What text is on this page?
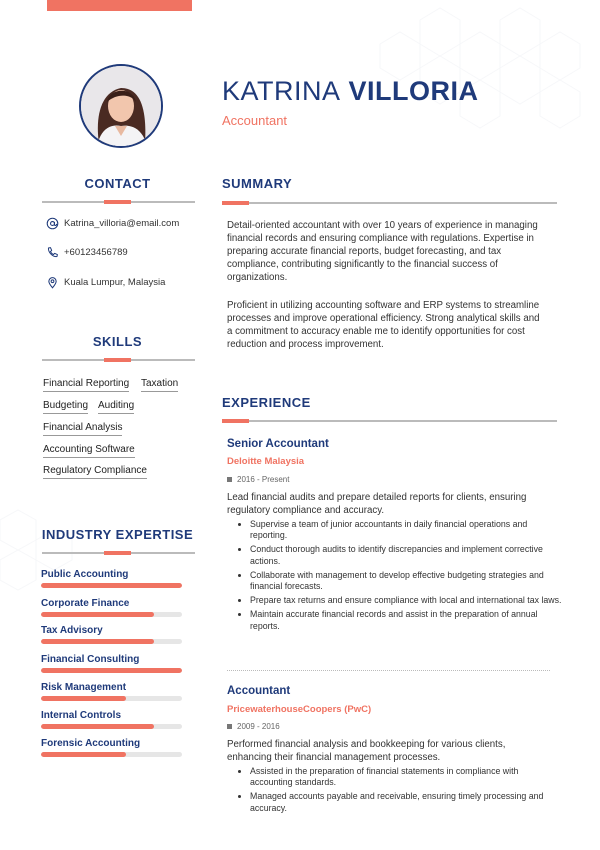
KATRINA VILLORIA
Accountant
CONTACT
Katrina_villoria@email.com
+60123456789
Kuala Lumpur, Malaysia
SKILLS
Financial Reporting Taxation
Budgeting Auditing
Financial Analysis
Accounting Software
Regulatory Compliance
INDUSTRY EXPERTISE
Public Accounting
Corporate Finance
Tax Advisory
Financial Consulting
Risk Management
Internal Controls
Forensic Accounting
SUMMARY

Detail-oriented accountant with over 10 years of experience in managing financial records and ensuring compliance with regulations. Expertise in preparing accurate financial reports, budget forecasting, and tax compliance, contributing significantly to the financial success of organizations.

Proficient in utilizing accounting software and ERP systems to streamline processes and improve operational efficiency. Strong analytical skills and a commitment to accuracy enable me to identify opportunities for cost reduction and process improvement.

EXPERIENCE
Senior Accountant
Deloitte Malaysia
2016 - Present
Lead financial audits and prepare detailed reports for clients, ensuring regulatory compliance and accuracy.
• Supervise a team of junior accountants in daily financial operations and reporting.
• Conduct thorough audits to identify discrepancies and implement corrective actions.
• Collaborate with management to develop effective budgeting strategies and financial forecasts.
• Prepare tax returns and ensure compliance with local and international tax laws.
• Maintain accurate financial records and assist in the preparation of annual reports.
Accountant
PricewaterhouseCoopers (PwC)
2009 - 2016
Performed financial analysis and bookkeeping for various clients, enhancing their financial management processes.
• Assisted in the preparation of financial statements in compliance with accounting standards.
• Managed accounts payable and receivable, ensuring timely processing and accuracy.
